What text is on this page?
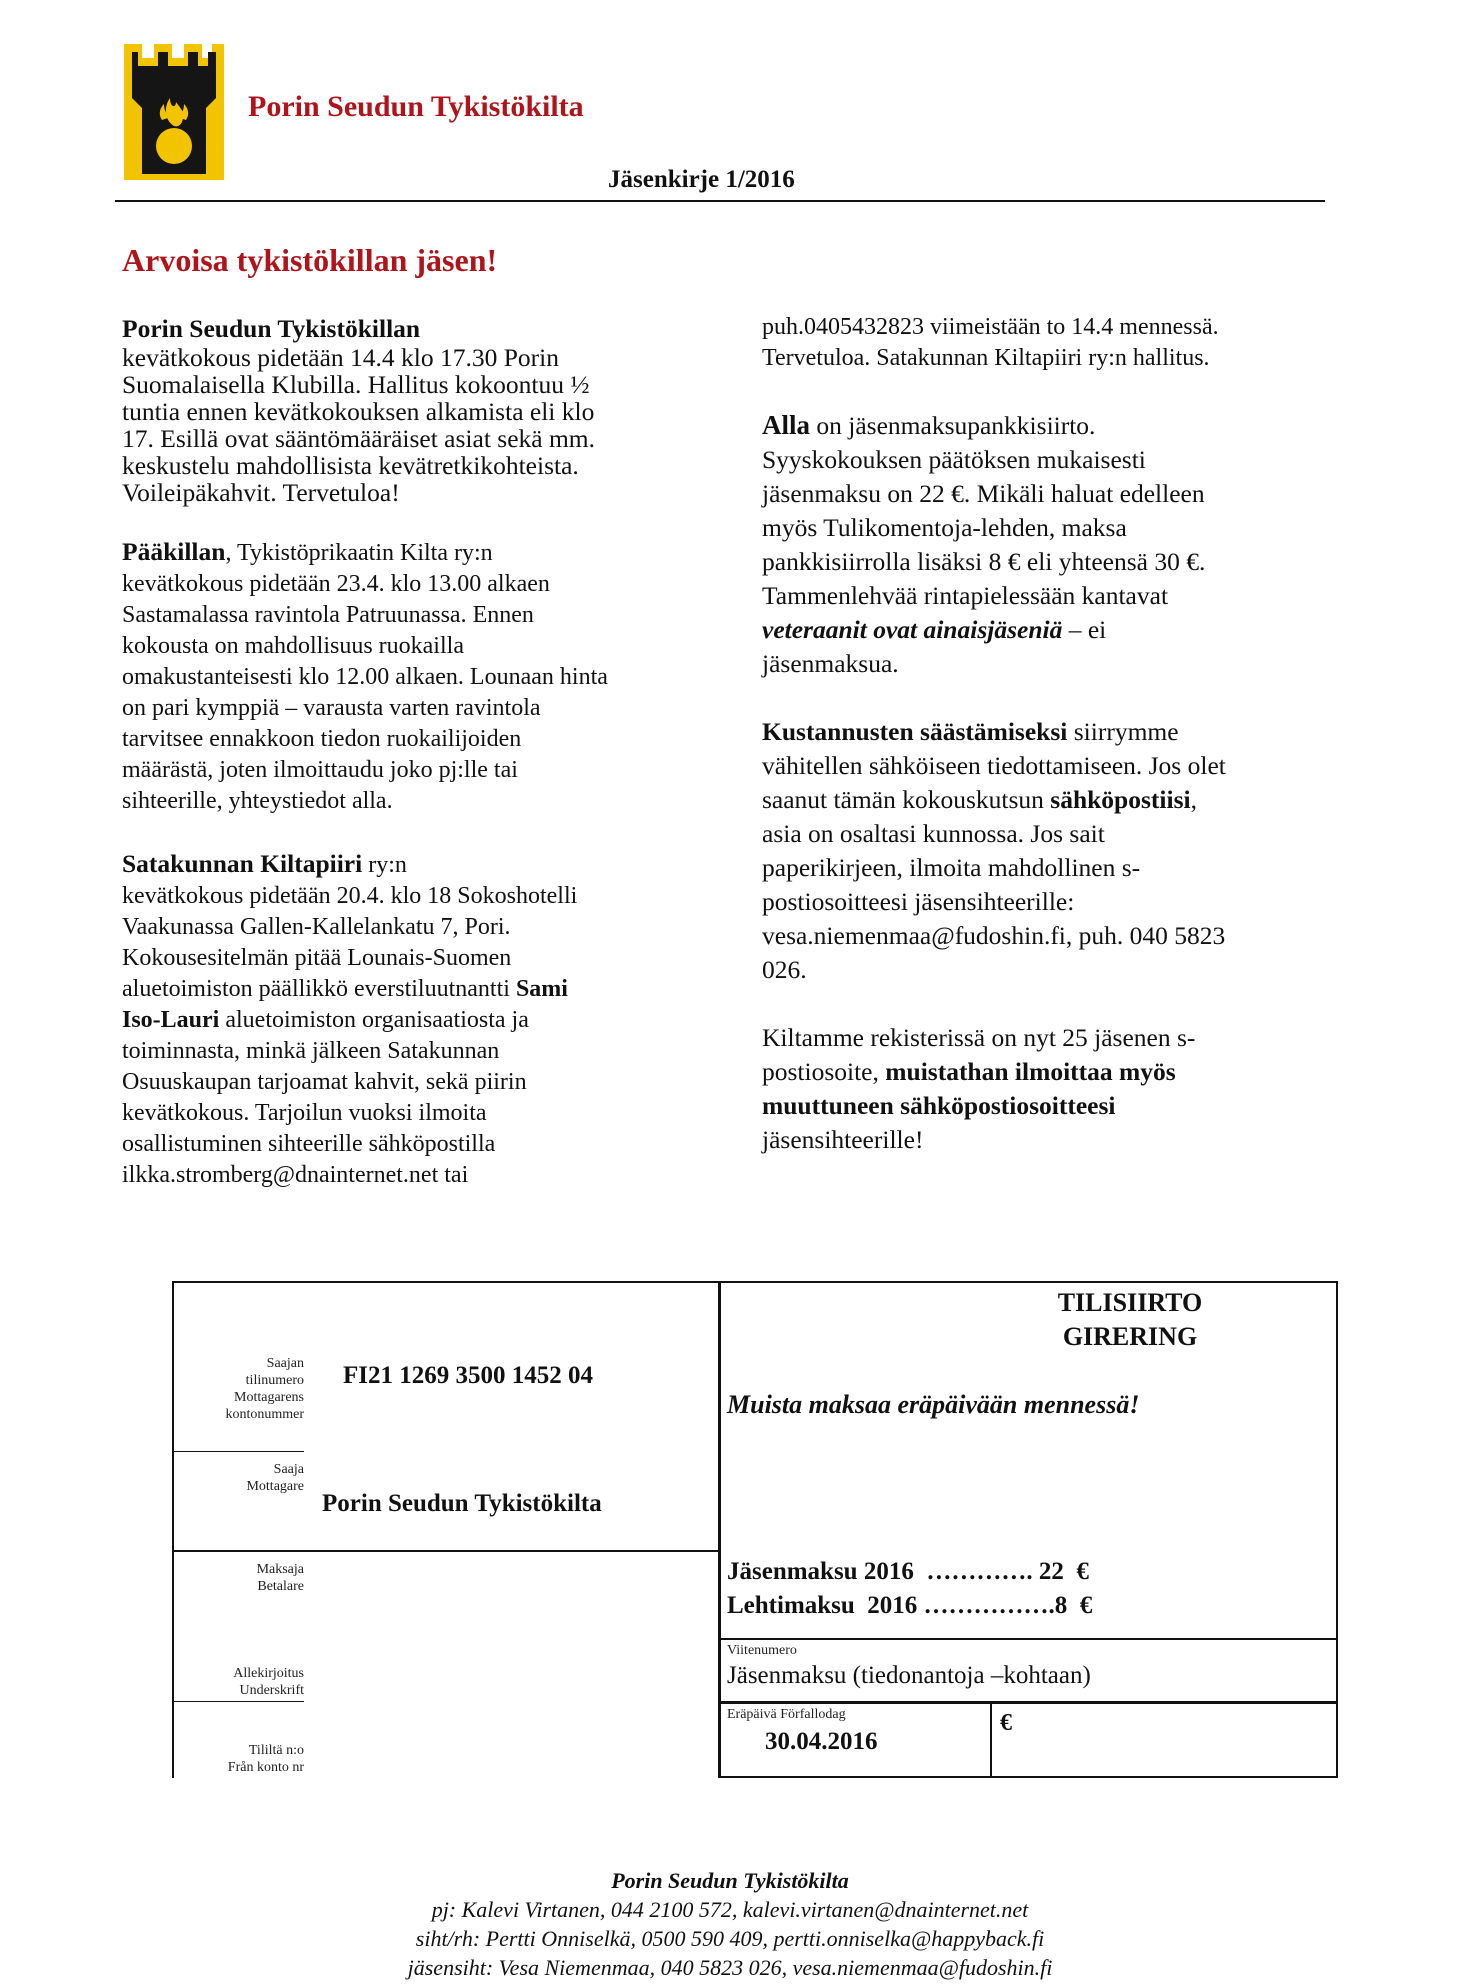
Porin Seudun Tykistökilta
Jäsenkirje 1/2016
Arvoisa tykistökillan jäsen!

Porin Seudun Tykistökillan

kevätkokous pidetään 14.4 klo 17.30 Porin

Suomalaisella Klubilla. Hallitus kokoontuu ½

tuntia ennen kevätkokouksen alkamista eli klo

17. Esillä ovat sääntömääräiset asiat sekä mm.

keskustelu mahdollisista kevätretkikohteista.

Voileipäkahvit. Tervetuloa!

Pääkillan, Tykistöprikaatin Kilta ry:n

kevätkokous pidetään 23.4. klo 13.00 alkaen

Sastamalassa ravintola Patruunassa. Ennen

kokousta on mahdollisuus ruokailla

omakustanteisesti klo 12.00 alkaen. Lounaan hinta

on pari kymppiä – varausta varten ravintola

tarvitsee ennakkoon tiedon ruokailijoiden

määrästä, joten ilmoittaudu joko pj:lle tai

sihteerille, yhteystiedot alla.

Satakunnan Kiltapiiri ry:n

kevätkokous pidetään 20.4. klo 18 Sokoshotelli

Vaakunassa Gallen-Kallelankatu 7, Pori.

Kokousesitelmän pitää Lounais-Suomen

aluetoimiston päällikkö everstiluutnantti Sami

Iso-Lauri aluetoimiston organisaatiosta ja

toiminnasta, minkä jälkeen Satakunnan

Osuuskaupan tarjoamat kahvit, sekä piirin

kevätkokous. Tarjoilun vuoksi ilmoita

osallistuminen sihteerille sähköpostilla

ilkka.stromberg@dnainternet.net tai

puh.0405432823 viimeistään to 14.4 mennessä.

Tervetuloa. Satakunnan Kiltapiiri ry:n hallitus.

Alla on jäsenmaksupankkisiirto.

Syyskokouksen päätöksen mukaisesti

jäsenmaksu on 22 €. Mikäli haluat edelleen

myös Tulikomentoja-lehden, maksa

pankkisiirrolla lisäksi 8 € eli yhteensä 30 €.

Tammenlehvää rintapielessään kantavat

veteraanit ovat ainaisjäseniä – ei

jäsenmaksua.

Kustannusten säästämiseksi siirrymme

vähitellen sähköiseen tiedottamiseen. Jos olet

saanut tämän kokouskutsun sähköpostiisi,

asia on osaltasi kunnossa. Jos sait

paperikirjeen, ilmoita mahdollinen s-

postiosoitteesi jäsensihteerille:

vesa.niemenmaa@fudoshin.fi, puh. 040 5823

026.

Kiltamme rekisterissä on nyt 25 jäsenen s-

postiosoite, muistathan ilmoittaa myös

muuttuneen sähköpostiosoitteesi

jäsensihteerille!

Saajan
tilinumero
Mottagarens
kontonummer
FI21 1269 3500 1452 04
Saaja
Mottagare
Porin Seudun Tykistökilta
Maksaja
Betalare
Allekirjoitus
Underskrift
Tililtä n:o
Från konto nr
TILISIIRTO
GIRERING
Muista maksaa eräpäivään mennessä!
Jäsenmaksu 2016  …………. 22  €
Lehtimaksu  2016 …………….8  €
Viitenumero
Jäsenmaksu (tiedonantoja –kohtaan)
Eräpäivä Förfallodag
30.04.2016
€
Porin Seudun Tykistökilta
pj: Kalevi Virtanen, 044 2100 572, kalevi.virtanen@dnainternet.net
siht/rh: Pertti Onniselkä, 0500 590 409, pertti.onniselka@happyback.fi
jäsensiht: Vesa Niemenmaa, 040 5823 026, vesa.niemenmaa@fudoshin.fi
